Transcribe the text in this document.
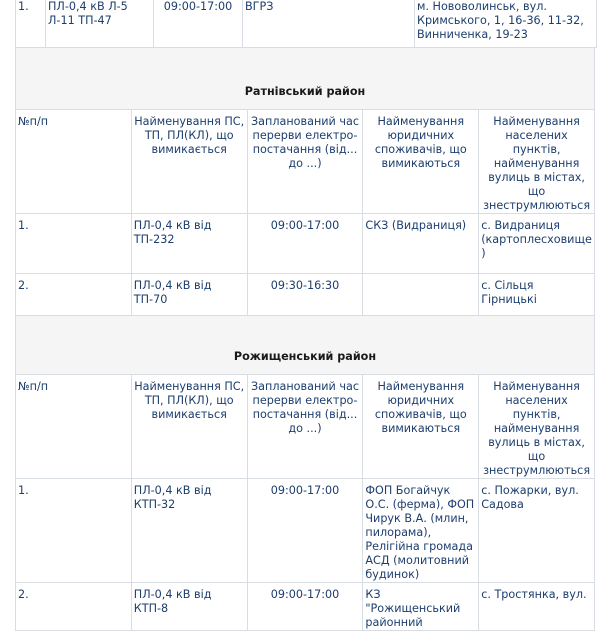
1.	ПЛ-0,4 кВ Л-5 Л-11 ТП-47	09:00-17:00	ВГРЗ	м. Нововолинськ, вул. Кримського, 1, 16-36, 11-32, Винниченка, 19-23
Ратнівський район				

№п/п	Найменування ПС, ТП, ПЛ(КЛ), що вимикається	Запланований час перерви електро-постачання (від... до ...)	Найменування юридичних споживачів, що вимикаються	Найменування населених пунктів, найменування вулиць в містах, що знеструмлюються
1.	ПЛ-0,4 кВ від ТП-232	09:00-17:00	СКЗ (Видраниця)	с. Видраниця (картоплесховище)

2.	ПЛ-0,4 кВ від ТП-70	09:30-16:30		с. Сільця Гірницькі

Рожищенський район				

№п/п	Найменування ПС, ТП, ПЛ(КЛ), що вимикається	Запланований час перерви електро-постачання (від... до ...)	Найменування юридичних споживачів, що вимикаються	Найменування населених пунктів, найменування вулиць в містах, що знеструмлюються
1.	ПЛ-0,4 кВ від КТП-32	09:00-17:00	ФОП Богайчук О.С. (ферма), ФОП Чирук В.А. (млин, пилорама), Релігійна громада АСД (молитовний будинок)	с. Пожарки, вул. Садова

2.	ПЛ-0,4 кВ від КТП-8	09:00-17:00	КЗ "Рожищенський районний	с. Тростянка, вул.
